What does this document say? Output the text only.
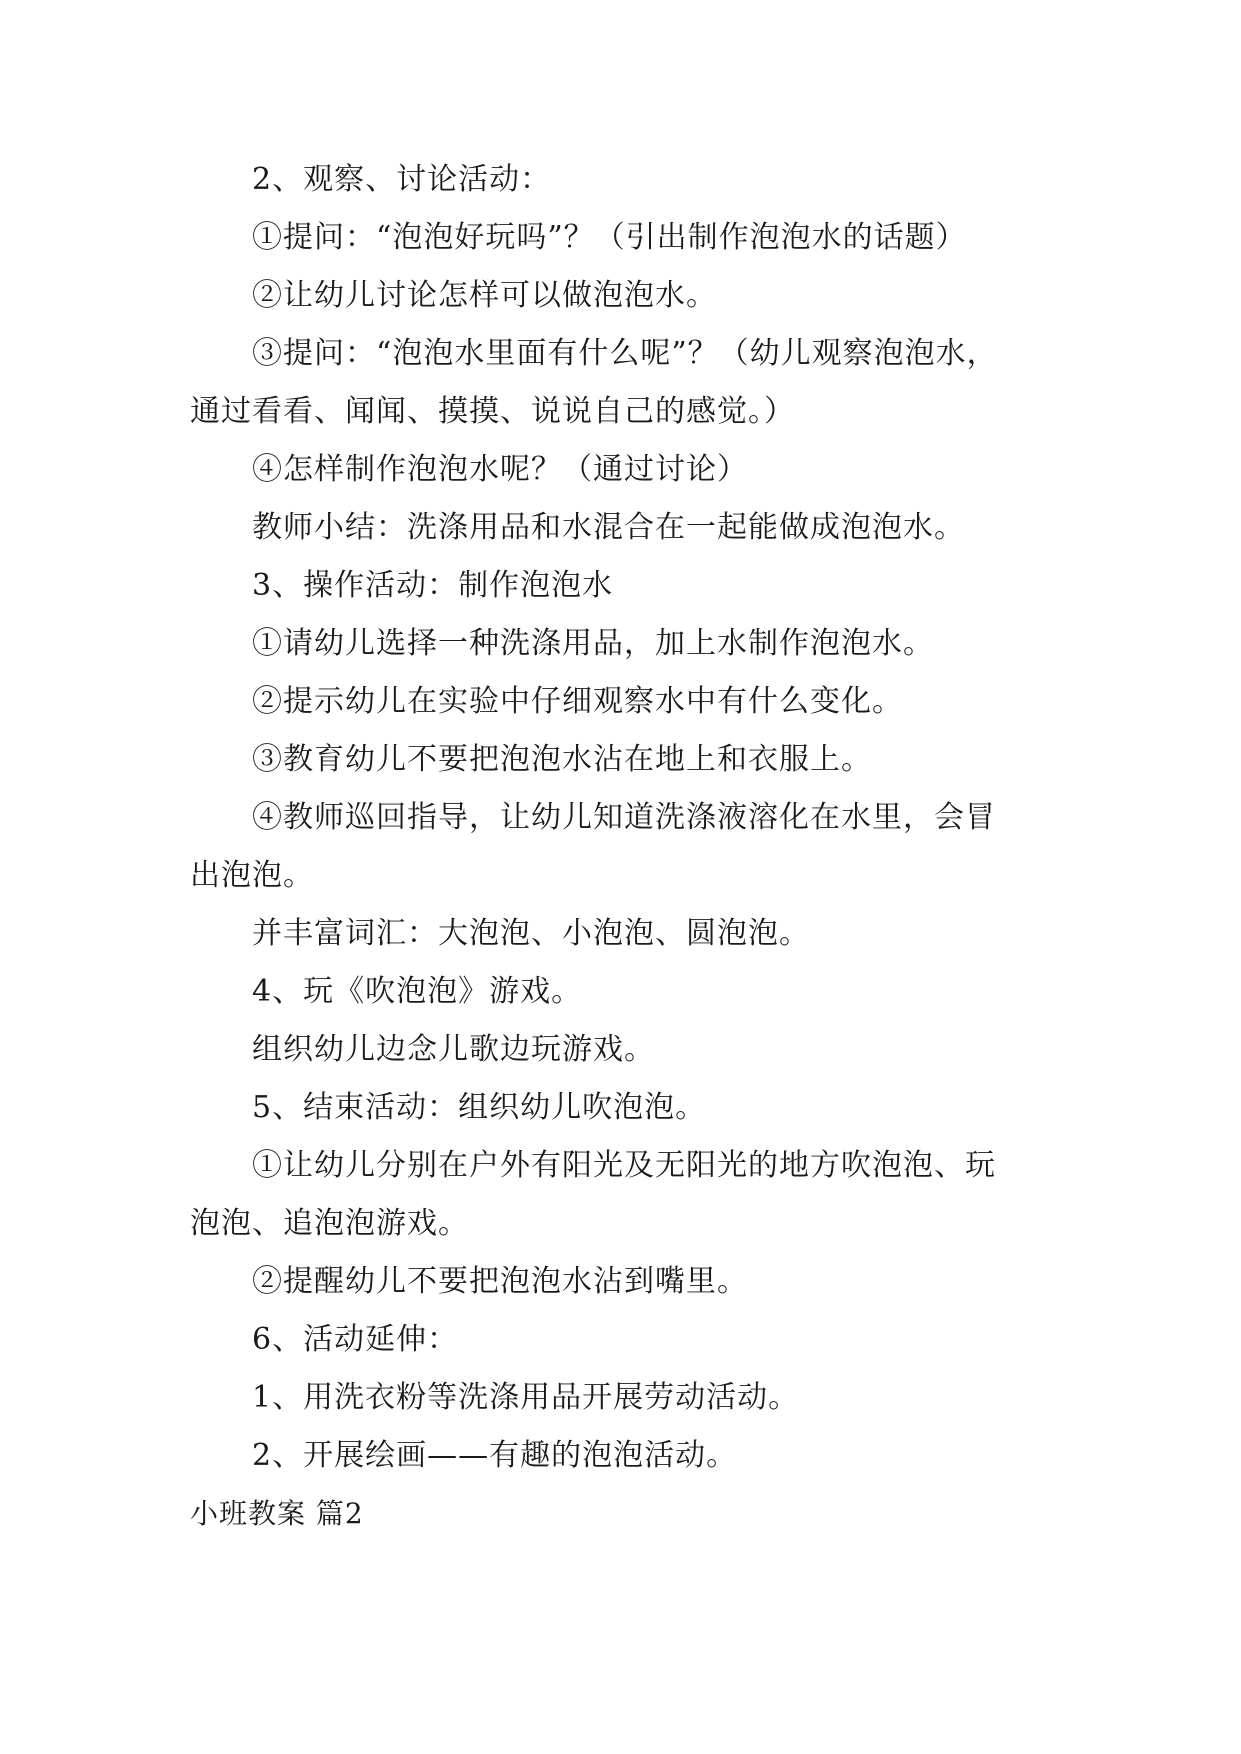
2、观察、讨论活动：
①提问：“泡泡好玩吗”？（引出制作泡泡水的话题）
②让幼儿讨论怎样可以做泡泡水。
③提问：“泡泡水里面有什么呢”？（幼儿观察泡泡水，
通过看看、闻闻、摸摸、说说自己的感觉。）
④怎样制作泡泡水呢？（通过讨论）
教师小结：洗涤用品和水混合在一起能做成泡泡水。
3、操作活动：制作泡泡水
①请幼儿选择一种洗涤用品，加上水制作泡泡水。
②提示幼儿在实验中仔细观察水中有什么变化。
③教育幼儿不要把泡泡水沾在地上和衣服上。
④教师巡回指导，让幼儿知道洗涤液溶化在水里，会冒
出泡泡。
并丰富词汇：大泡泡、小泡泡、圆泡泡。
4、玩《吹泡泡》游戏。
组织幼儿边念儿歌边玩游戏。
5、结束活动：组织幼儿吹泡泡。
①让幼儿分别在户外有阳光及无阳光的地方吹泡泡、玩
泡泡、追泡泡游戏。
②提醒幼儿不要把泡泡水沾到嘴里。
6、活动延伸：
1、用洗衣粉等洗涤用品开展劳动活动。
2、开展绘画——有趣的泡泡活动。
小班教案 篇2
